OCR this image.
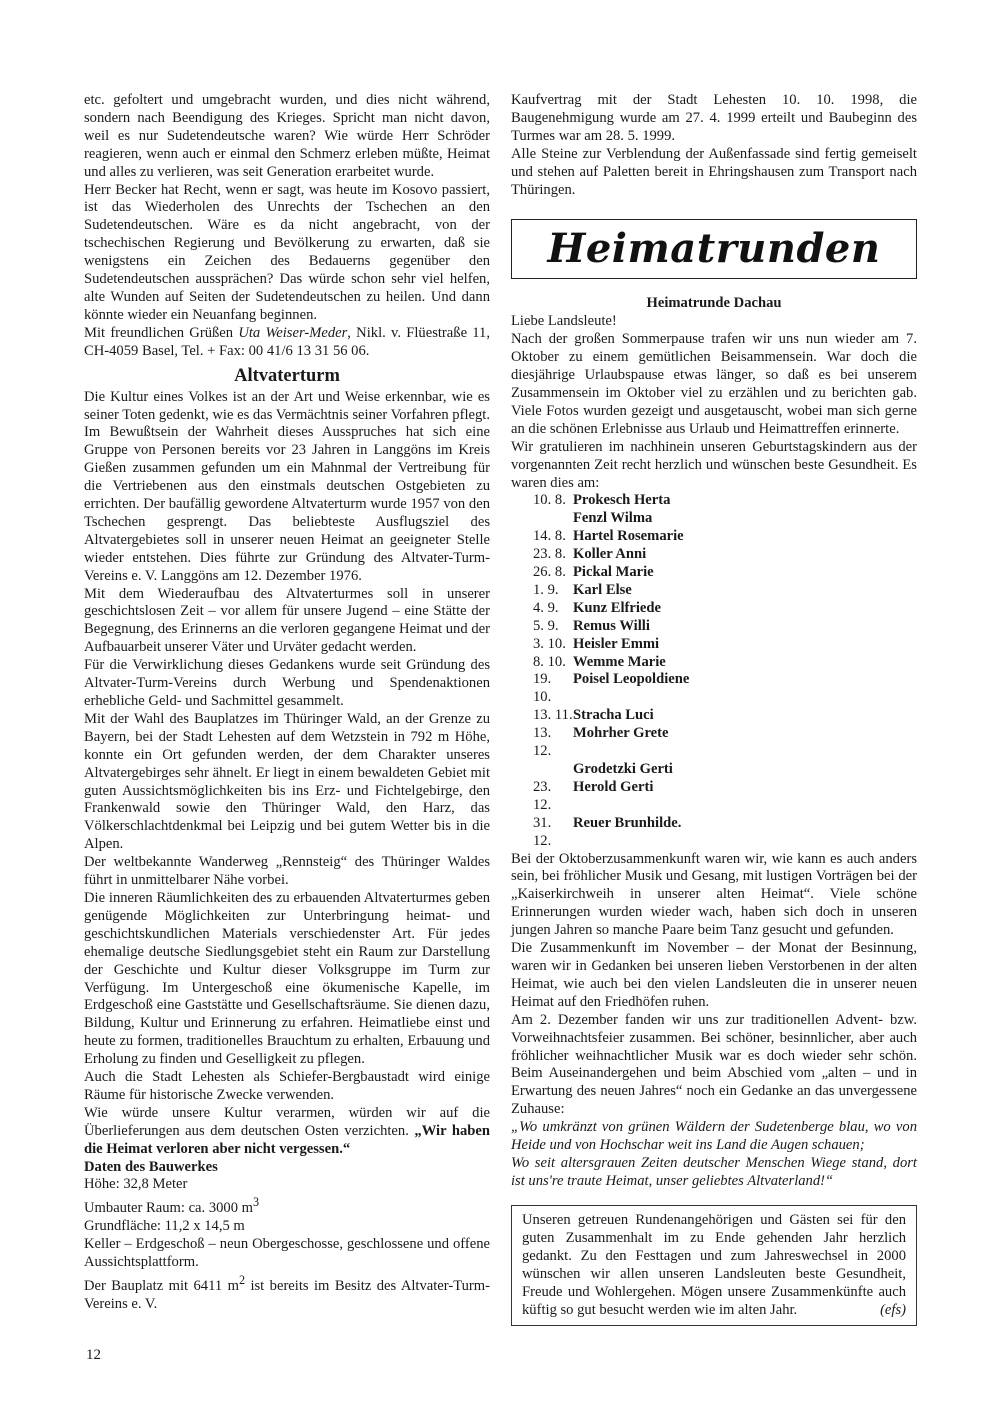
etc. gefoltert und umgebracht wurden, und dies nicht während, sondern nach Beendigung des Krieges. Spricht man nicht davon, weil es nur Sudetendeutsche waren? Wie würde Herr Schröder reagieren, wenn auch er einmal den Schmerz erleben müßte, Heimat und alles zu verlieren, was seit Generation erarbeitet wurde.

Herr Becker hat Recht, wenn er sagt, was heute im Kosovo passiert, ist das Wiederholen des Unrechts der Tschechen an den Sudetendeutschen. Wäre es da nicht angebracht, von der tschechischen Regierung und Bevölkerung zu erwarten, daß sie wenigstens ein Zeichen des Bedauerns gegenüber den Sudetendeutschen aussprächen? Das würde schon sehr viel helfen, alte Wunden auf Seiten der Sudetendeutschen zu heilen. Und dann könnte wieder ein Neuanfang beginnen.

Mit freundlichen Grüßen Uta Weiser-Meder, Nikl. v. Flüestraße 11, CH-4059 Basel, Tel. + Fax: 00 41/6 13 31 56 06.

Altvaterturm

Die Kultur eines Volkes ist an der Art und Weise erkennbar, wie es seiner Toten gedenkt, wie es das Vermächtnis seiner Vorfahren pflegt. Im Bewußtsein der Wahrheit dieses Ausspruches hat sich eine Gruppe von Personen bereits vor 23 Jahren in Langgöns im Kreis Gießen zusammen gefunden um ein Mahnmal der Vertreibung für die Vertriebenen aus den einstmals deutschen Ostgebieten zu errichten. Der baufällig gewordene Altvaterturm wurde 1957 von den Tschechen gesprengt. Das beliebteste Ausflugsziel des Altvatergebietes soll in unserer neuen Heimat an geeigneter Stelle wieder entstehen. Dies führte zur Gründung des Altvater-Turm-Vereins e. V. Langgöns am 12. Dezember 1976.

Mit dem Wiederaufbau des Altvaterturmes soll in unserer geschichtslosen Zeit – vor allem für unsere Jugend – eine Stätte der Begegnung, des Erinnerns an die verloren gegangene Heimat und der Aufbauarbeit unserer Väter und Urväter gedacht werden.

Für die Verwirklichung dieses Gedankens wurde seit Gründung des Altvater-Turm-Vereins durch Werbung und Spendenaktionen erhebliche Geld- und Sachmittel gesammelt.

Mit der Wahl des Bauplatzes im Thüringer Wald, an der Grenze zu Bayern, bei der Stadt Lehesten auf dem Wetzstein in 792 m Höhe, konnte ein Ort gefunden werden, der dem Charakter unseres Altvatergebirges sehr ähnelt. Er liegt in einem bewaldeten Gebiet mit guten Aussichtsmöglichkeiten bis ins Erz- und Fichtelgebirge, den Frankenwald sowie den Thüringer Wald, den Harz, das Völkerschlachtdenkmal bei Leipzig und bei gutem Wetter bis in die Alpen.

Der weltbekannte Wanderweg „Rennsteig“ des Thüringer Waldes führt in unmittelbarer Nähe vorbei.

Die inneren Räumlichkeiten des zu erbauenden Altvaterturmes geben genügende Möglichkeiten zur Unterbringung heimat- und geschichtskundlichen Materials verschiedenster Art. Für jedes ehemalige deutsche Siedlungsgebiet steht ein Raum zur Darstellung der Geschichte und Kultur dieser Volksgruppe im Turm zur Verfügung. Im Untergeschoß eine ökumenische Kapelle, im Erdgeschoß eine Gaststätte und Gesellschaftsräume. Sie dienen dazu, Bildung, Kultur und Erinnerung zu erfahren. Heimatliebe einst und heute zu formen, traditionelles Brauchtum zu erhalten, Erbauung und Erholung zu finden und Geselligkeit zu pflegen.

Auch die Stadt Lehesten als Schiefer-Bergbaustadt wird einige Räume für historische Zwecke verwenden.

Wie würde unsere Kultur verarmen, würden wir auf die Überlieferungen aus dem deutschen Osten verzichten. „Wir haben die Heimat verloren aber nicht vergessen.“

Daten des Bauwerkes

Höhe: 32,8 Meter

Umbauter Raum: ca. 3000 $m^3$

Grundfläche: 11,2 x 14,5 m

Keller – Erdgeschoß – neun Obergeschosse, geschlossene und offene Aussichtsplattform.

Der Bauplatz mit 6411 $m^2$ ist bereits im Besitz des Altvater-Turm-Vereins e. V.

Kaufvertrag mit der Stadt Lehesten 10. 10. 1998, die Baugenehmigung wurde am 27. 4. 1999 erteilt und Baubeginn des Turmes war am 28. 5. 1999.

Alle Steine zur Verblendung der Außenfassade sind fertig gemeiselt und stehen auf Paletten bereit in Ehringshausen zum Transport nach Thüringen.

Heimatrunden

Heimatrunde Dachau

Liebe Landsleute!

Nach der großen Sommerpause trafen wir uns nun wieder am 7. Oktober zu einem gemütlichen Beisammensein. War doch die diesjährige Urlaubspause etwas länger, so daß es bei unserem Zusammensein im Oktober viel zu erzählen und zu berichten gab. Viele Fotos wurden gezeigt und ausgetauscht, wobei man sich gerne an die schönen Erlebnisse aus Urlaub und Heimattreffen erinnerte.

Wir gratulieren im nachhinein unseren Geburtstagskindern aus der vorgenannten Zeit recht herzlich und wünschen beste Gesundheit. Es waren dies am:

10. 8.	Prokesch Herta
	Fenzl Wilma
14. 8.	Hartel Rosemarie
23. 8.	Koller Anni
26. 8.	Pickal Marie
1. 9.	Karl Else
4. 9.	Kunz Elfriede
5. 9.	Remus Willi
3. 10.	Heisler Emmi
8. 10.	Wemme Marie
19. 10.	Poisel Leopoldiene
13. 11.	Stracha Luci
13. 12.	Mohrher Grete
	Grodetzki Gerti
23. 12.	Herold Gerti
31. 12.	Reuer Brunhilde.

Bei der Oktoberzusammenkunft waren wir, wie kann es auch anders sein, bei fröhlicher Musik und Gesang, mit lustigen Vorträgen bei der „Kaiserkirchweih in unserer alten Heimat“. Viele schöne Erinnerungen wurden wieder wach, haben sich doch in unseren jungen Jahren so manche Paare beim Tanz gesucht und gefunden.

Die Zusammenkunft im November – der Monat der Besinnung, waren wir in Gedanken bei unseren lieben Verstorbenen in der alten Heimat, wie auch bei den vielen Landsleuten die in unserer neuen Heimat auf den Friedhöfen ruhen.

Am 2. Dezember fanden wir uns zur traditionellen Advent- bzw. Vorweihnachtsfeier zusammen. Bei schöner, besinnlicher, aber auch fröhlicher weihnachtlicher Musik war es doch wieder sehr schön. Beim Auseinandergehen und beim Abschied vom „alten – und in Erwartung des neuen Jahres“ noch ein Gedanke an das unvergessene Zuhause:

„Wo umkränzt von grünen Wäldern der Sudetenberge blau, wo von Heide und von Hochschar weit ins Land die Augen schauen;

Wo seit altersgrauen Zeiten deutscher Menschen Wiege stand, dort ist uns're traute Heimat, unser geliebtes Altvaterland!“

Unseren getreuen Rundenangehörigen und Gästen sei für den guten Zusammenhalt im zu Ende gehenden Jahr herzlich gedankt. Zu den Festtagen und zum Jahreswechsel in 2000 wünschen wir allen unseren Landsleuten beste Gesundheit, Freude und Wohlergehen. Mögen unsere Zusammenkünfte auch küftig so gut besucht werden wie im alten Jahr.	(efs)
12
